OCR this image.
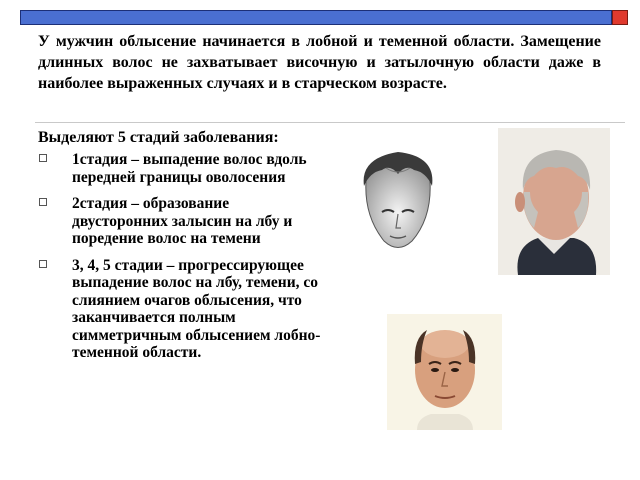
У мужчин облысение начинается в лобной и теменной области. Замещение длинных волос не захватывает височную и затылочную области даже в наиболее выраженных случаях и в старческом возрасте.

Выделяют 5 стадий заболевания:

1стадия – выпадение волос вдоль передней границы оволосения
2стадия – образование двусторонних залысин на лбу и поредение волос на темени
3, 4, 5 стадии – прогрессирующее выпадение волос на лбу, темени, со слиянием очагов облысения, что заканчивается полным симметричным облысением лобно-теменной области.
